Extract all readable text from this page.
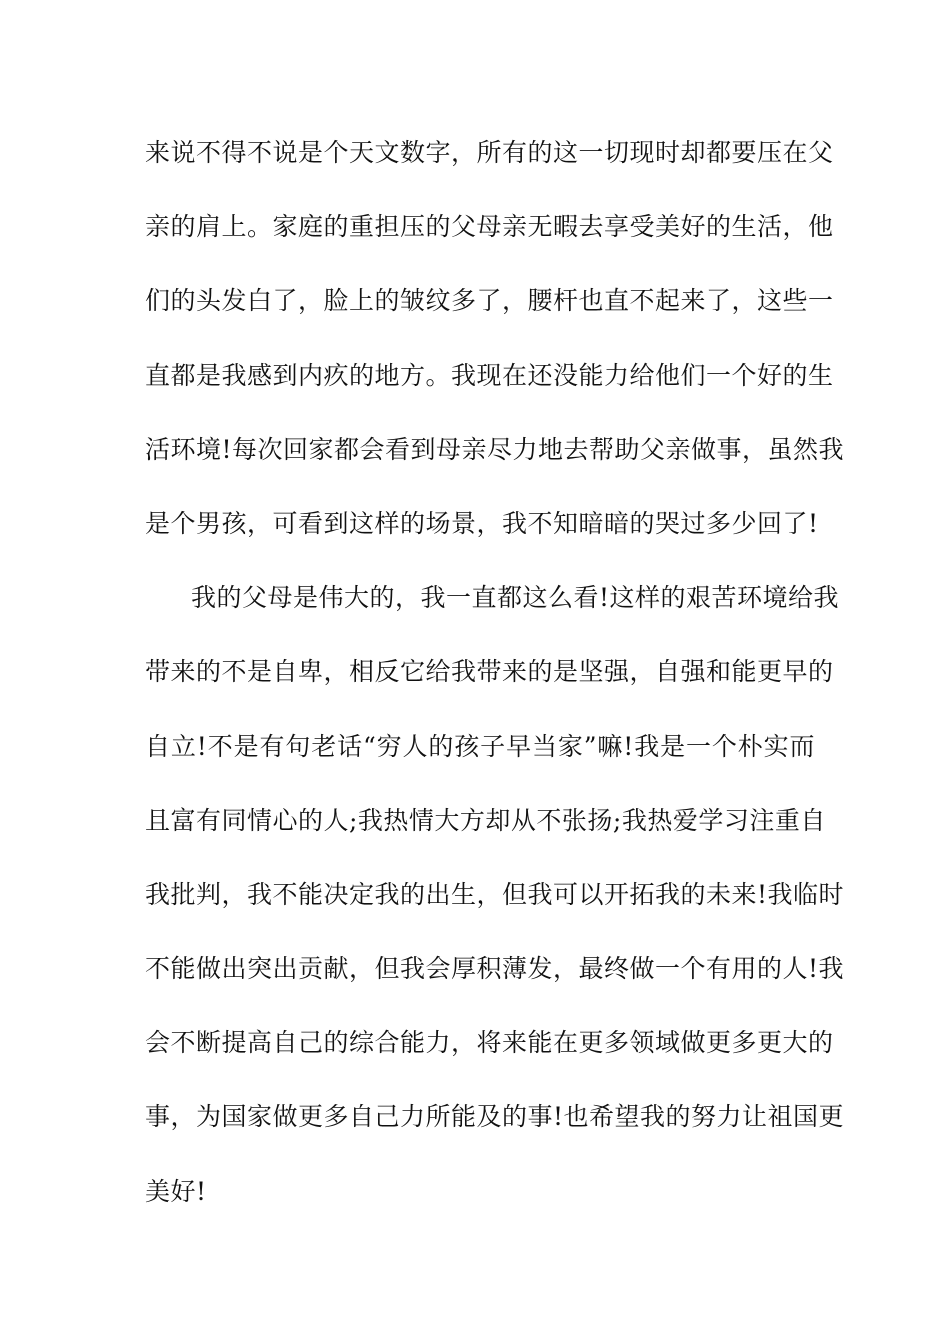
来说不得不说是个天文数字，所有的这一切现时却都要压在父
亲的肩上。家庭的重担压的父母亲无暇去享受美好的生活，他
们的头发白了，脸上的皱纹多了，腰杆也直不起来了，这些一
直都是我感到内疚的地方。我现在还没能力给他们一个好的生
活环境!每次回家都会看到母亲尽力地去帮助父亲做事，虽然我
是个男孩，可看到这样的场景，我不知暗暗的哭过多少回了!
我的父母是伟大的，我一直都这么看!这样的艰苦环境给我
带来的不是自卑，相反它给我带来的是坚强，自强和能更早的
自立!不是有句老话“穷人的孩子早当家”嘛!我是一个朴实而
且富有同情心的人;我热情大方却从不张扬;我热爱学习注重自
我批判，我不能决定我的出生，但我可以开拓我的未来!我临时
不能做出突出贡献，但我会厚积薄发，最终做一个有用的人!我
会不断提高自己的综合能力，将来能在更多领域做更多更大的
事，为国家做更多自己力所能及的事!也希望我的努力让祖国更
美好!
